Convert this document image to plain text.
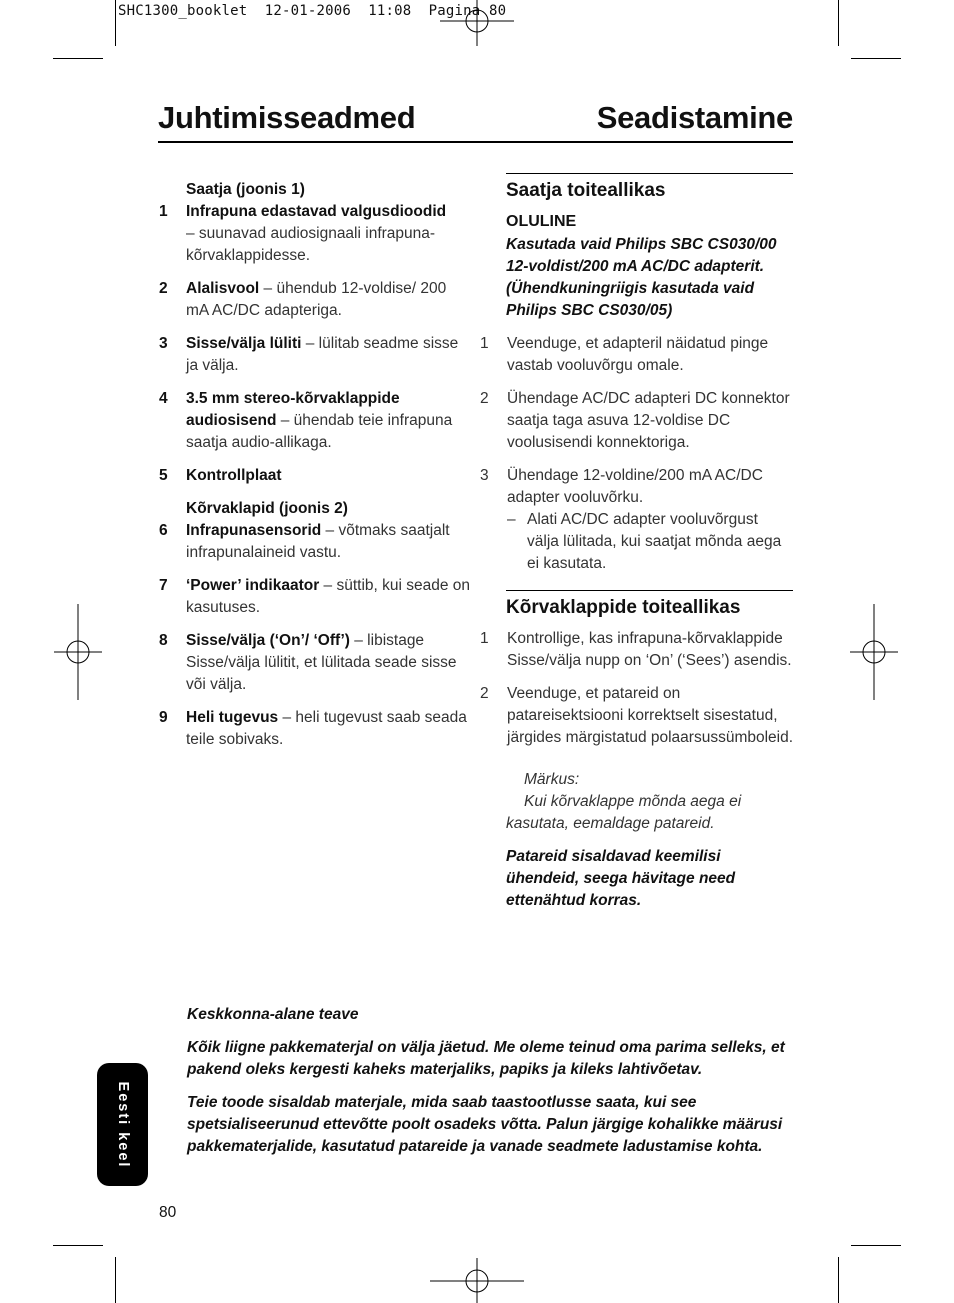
SHC1300_booklet  12-01-2006  11:08  Pagina 80
Juhtimisseadmed	Seadistamine
Saatja (joonis 1)
1 Infrapuna edastavad valgusdioodid
– suunavad audiosignaali infrapuna-kõrvaklappidesse.
2 Alalisvool – ühendub 12-voldise/ 200 mA AC/DC adapteriga.
3 Sisse/välja lüliti – lülitab seadme sisse ja välja.
4 3.5 mm stereo-kõrvaklappide audiosisend – ühendab teie infrapuna saatja audio-allikaga.
5 Kontrollplaat
Kõrvaklapid (joonis 2)
6 Infrapunasensorid – võtmaks saatjalt infrapunalaineid vastu.
7 ‘Power’ indikaator – süttib, kui seade on kasutuses.
8 Sisse/välja (‘On’/ ‘Off’) – libistage Sisse/välja lülitit, et lülitada seade sisse või välja.
9 Heli tugevus – heli tugevust saab seada teile sobivaks.
Saatja toiteallikas
OLULINE
Kasutada vaid Philips SBC CS030/00 12-voldist/200 mA AC/DC adapterit. (Ühendkuningriigis kasutada vaid Philips SBC CS030/05)
1 Veenduge, et adapteril näidatud pinge vastab vooluvõrgu omale.
2 Ühendage AC/DC adapteri DC konnektor saatja taga asuva 12-voldise DC voolusisendi konnektoriga.
3 Ühendage 12-voldine/200 mA AC/DC adapter vooluvõrku.
– Alati AC/DC adapter vooluvõrgust välja lülitada, kui saatjat mõnda aega ei kasutata.
Kõrvaklappide toiteallikas
1 Kontrollige, kas infrapuna-kõrvaklappide Sisse/välja nupp on ‘On’ (‘Sees’) asendis.
2 Veenduge, et patareid on patareisektsiooni korrektselt sisestatud, järgides märgistatud polaarsussümboleid.
Märkus:
Kui kõrvaklappe mõnda aega ei
kasutata, eemaldage patareid.
Patareid sisaldavad keemilisi ühendeid, seega hävitage need ettenähtud korras.

Keskkonna-alane teave

Kõik liigne pakkematerjal on välja jäetud. Me oleme teinud oma parima selleks, et pakend oleks kergesti kaheks materjaliks, papiks ja kileks lahtivõetav.

Teie toode sisaldab materjale, mida saab taastootlusse saata, kui see spetsialiseerunud ettevõtte poolt osadeks võtta. Palun järgige kohalikke määrusi pakkematerjalide, kasutatud patareide ja vanade seadmete ladustamise kohta.

Eesti keel
80
